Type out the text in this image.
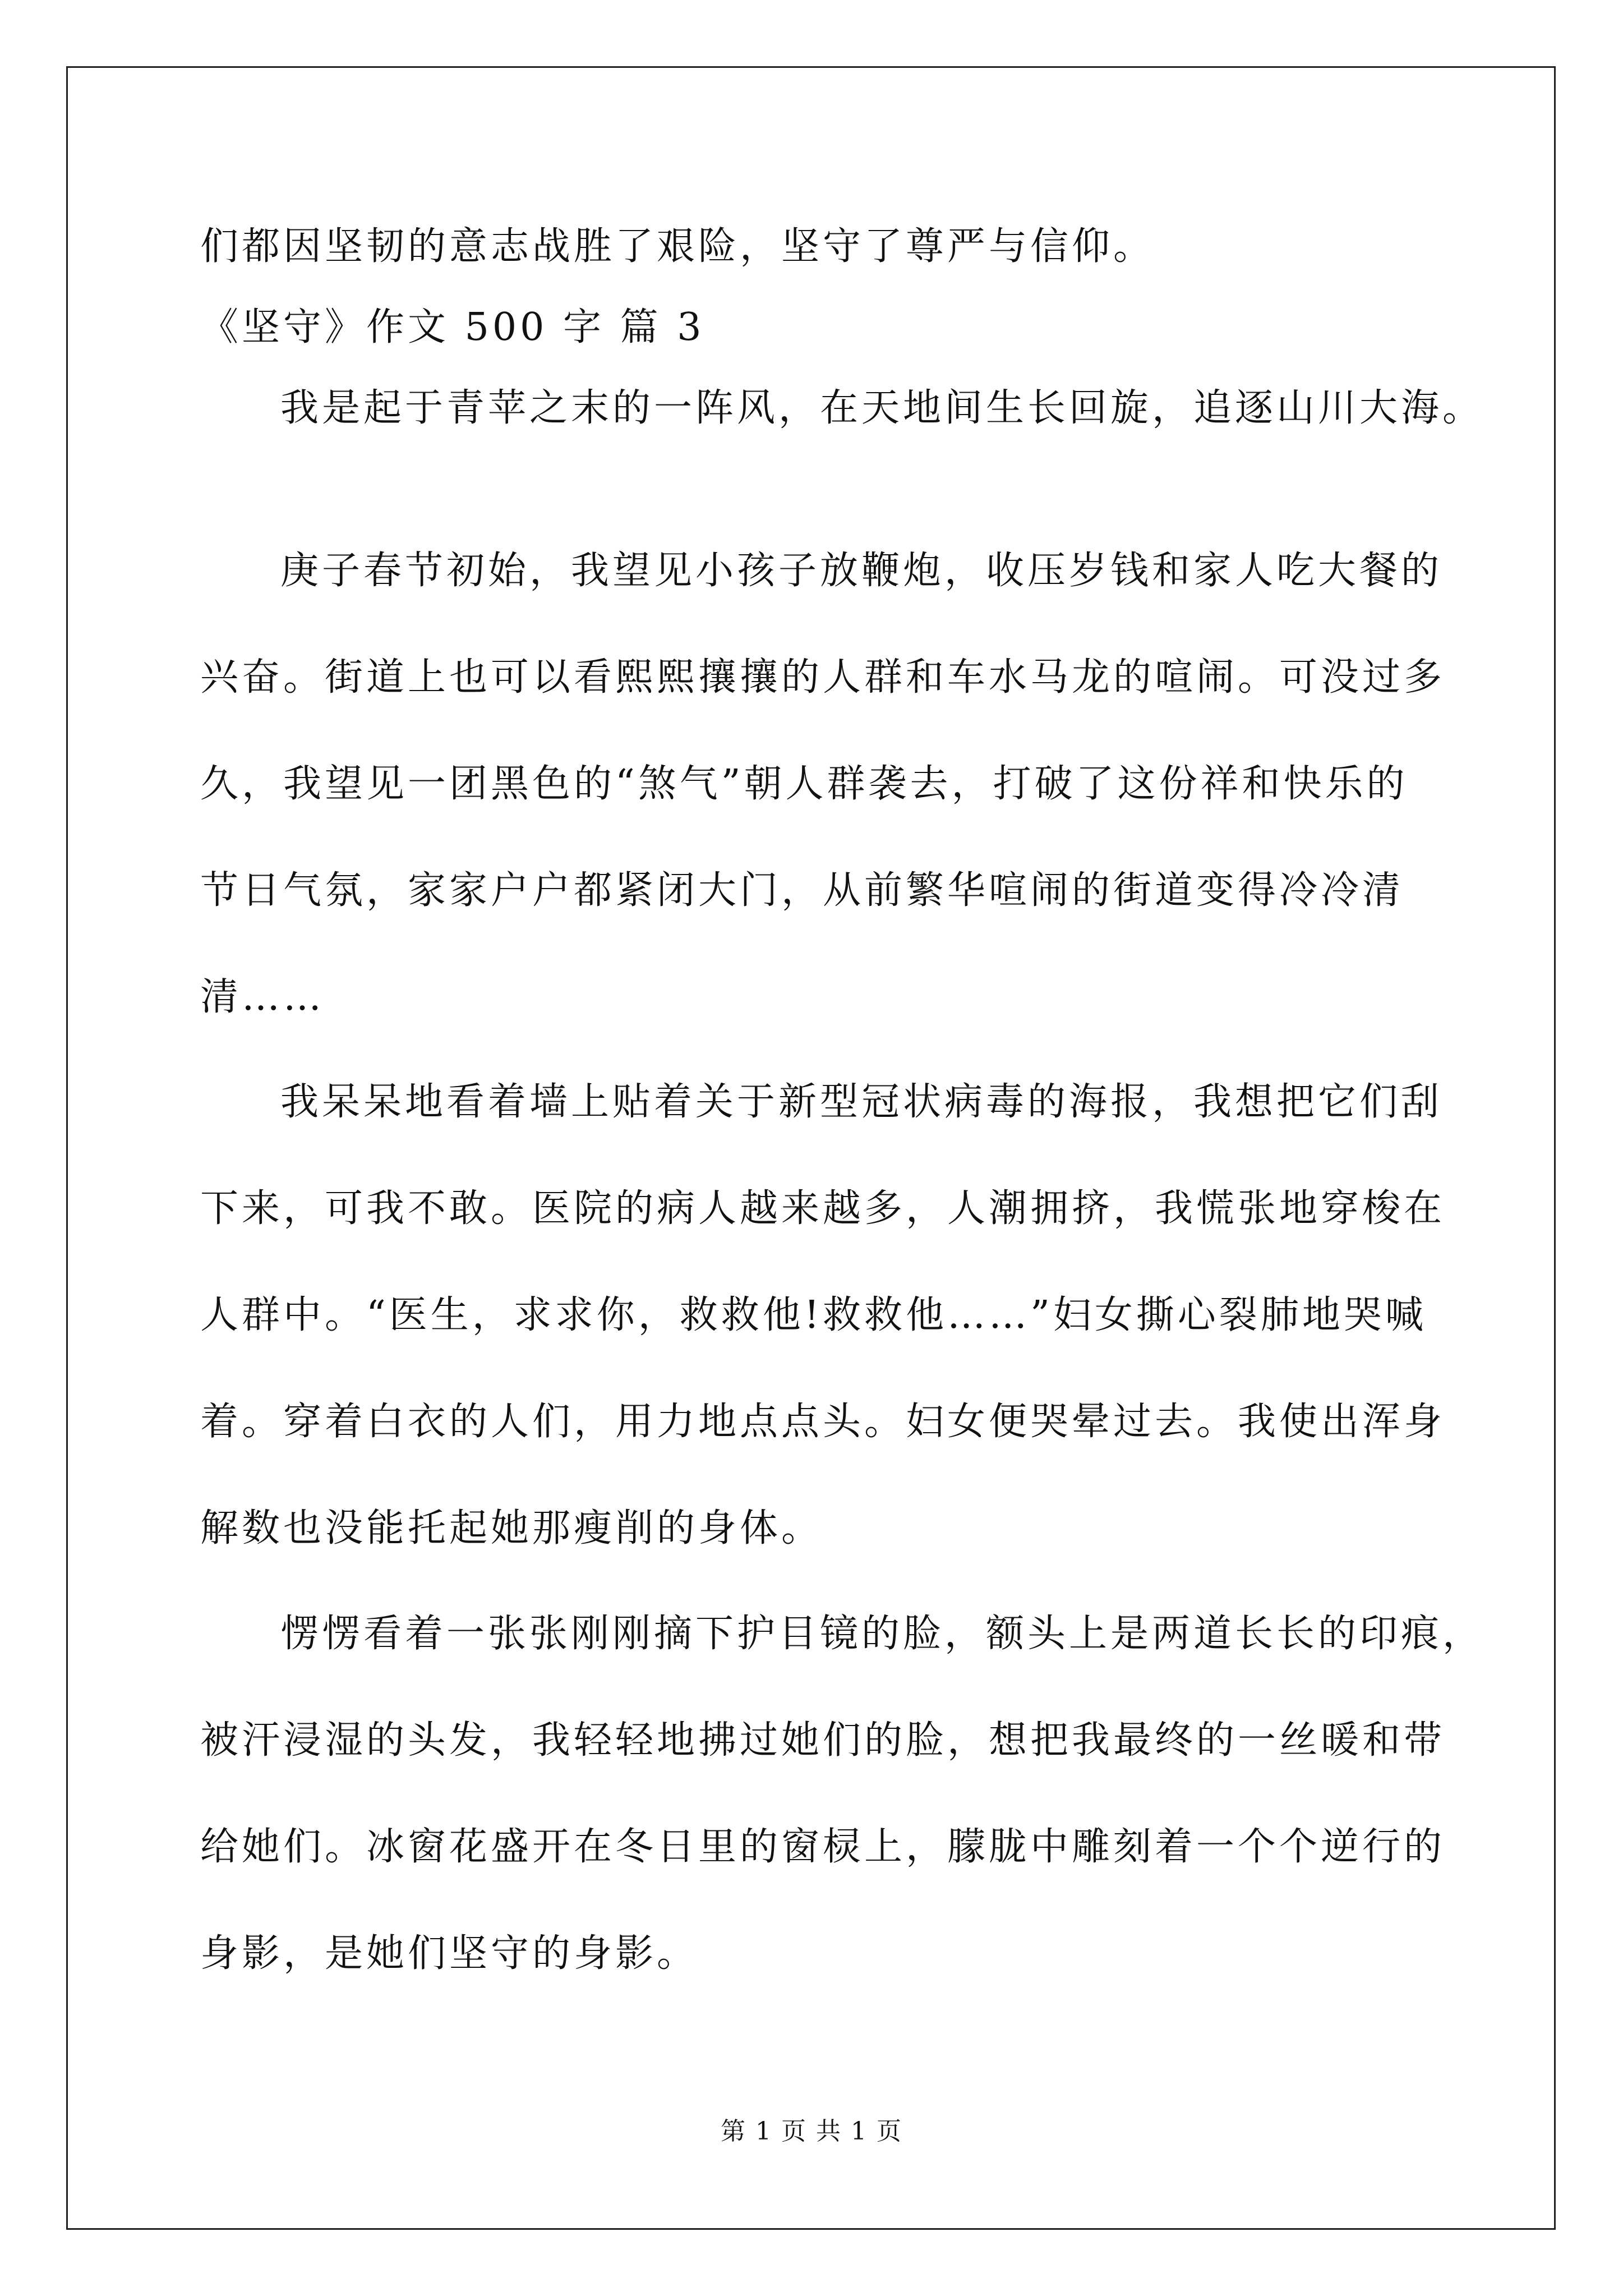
们都因坚韧的意志战胜了艰险，坚守了尊严与信仰。
《坚守》作文 500 字 篇 3
我是起于青苹之末的一阵风，在天地间生长回旋，追逐山川大海。
庚子春节初始，我望见小孩子放鞭炮，收压岁钱和家人吃大餐的
兴奋。街道上也可以看熙熙攘攘的人群和车水马龙的喧闹。可没过多
久，我望见一团黑色的“煞气”朝人群袭去，打破了这份祥和快乐的
节日气氛，家家户户都紧闭大门，从前繁华喧闹的街道变得冷冷清
清……
我呆呆地看着墙上贴着关于新型冠状病毒的海报，我想把它们刮
下来，可我不敢。医院的病人越来越多，人潮拥挤，我慌张地穿梭在
人群中。“医生，求求你，救救他!救救他……”妇女撕心裂肺地哭喊
着。穿着白衣的人们，用力地点点头。妇女便哭晕过去。我使出浑身
解数也没能托起她那瘦削的身体。
愣愣看着一张张刚刚摘下护目镜的脸，额头上是两道长长的印痕，
被汗浸湿的头发，我轻轻地拂过她们的脸，想把我最终的一丝暖和带
给她们。冰窗花盛开在冬日里的窗棂上，朦胧中雕刻着一个个逆行的
身影，是她们坚守的身影。
第 1 页 共 1 页
